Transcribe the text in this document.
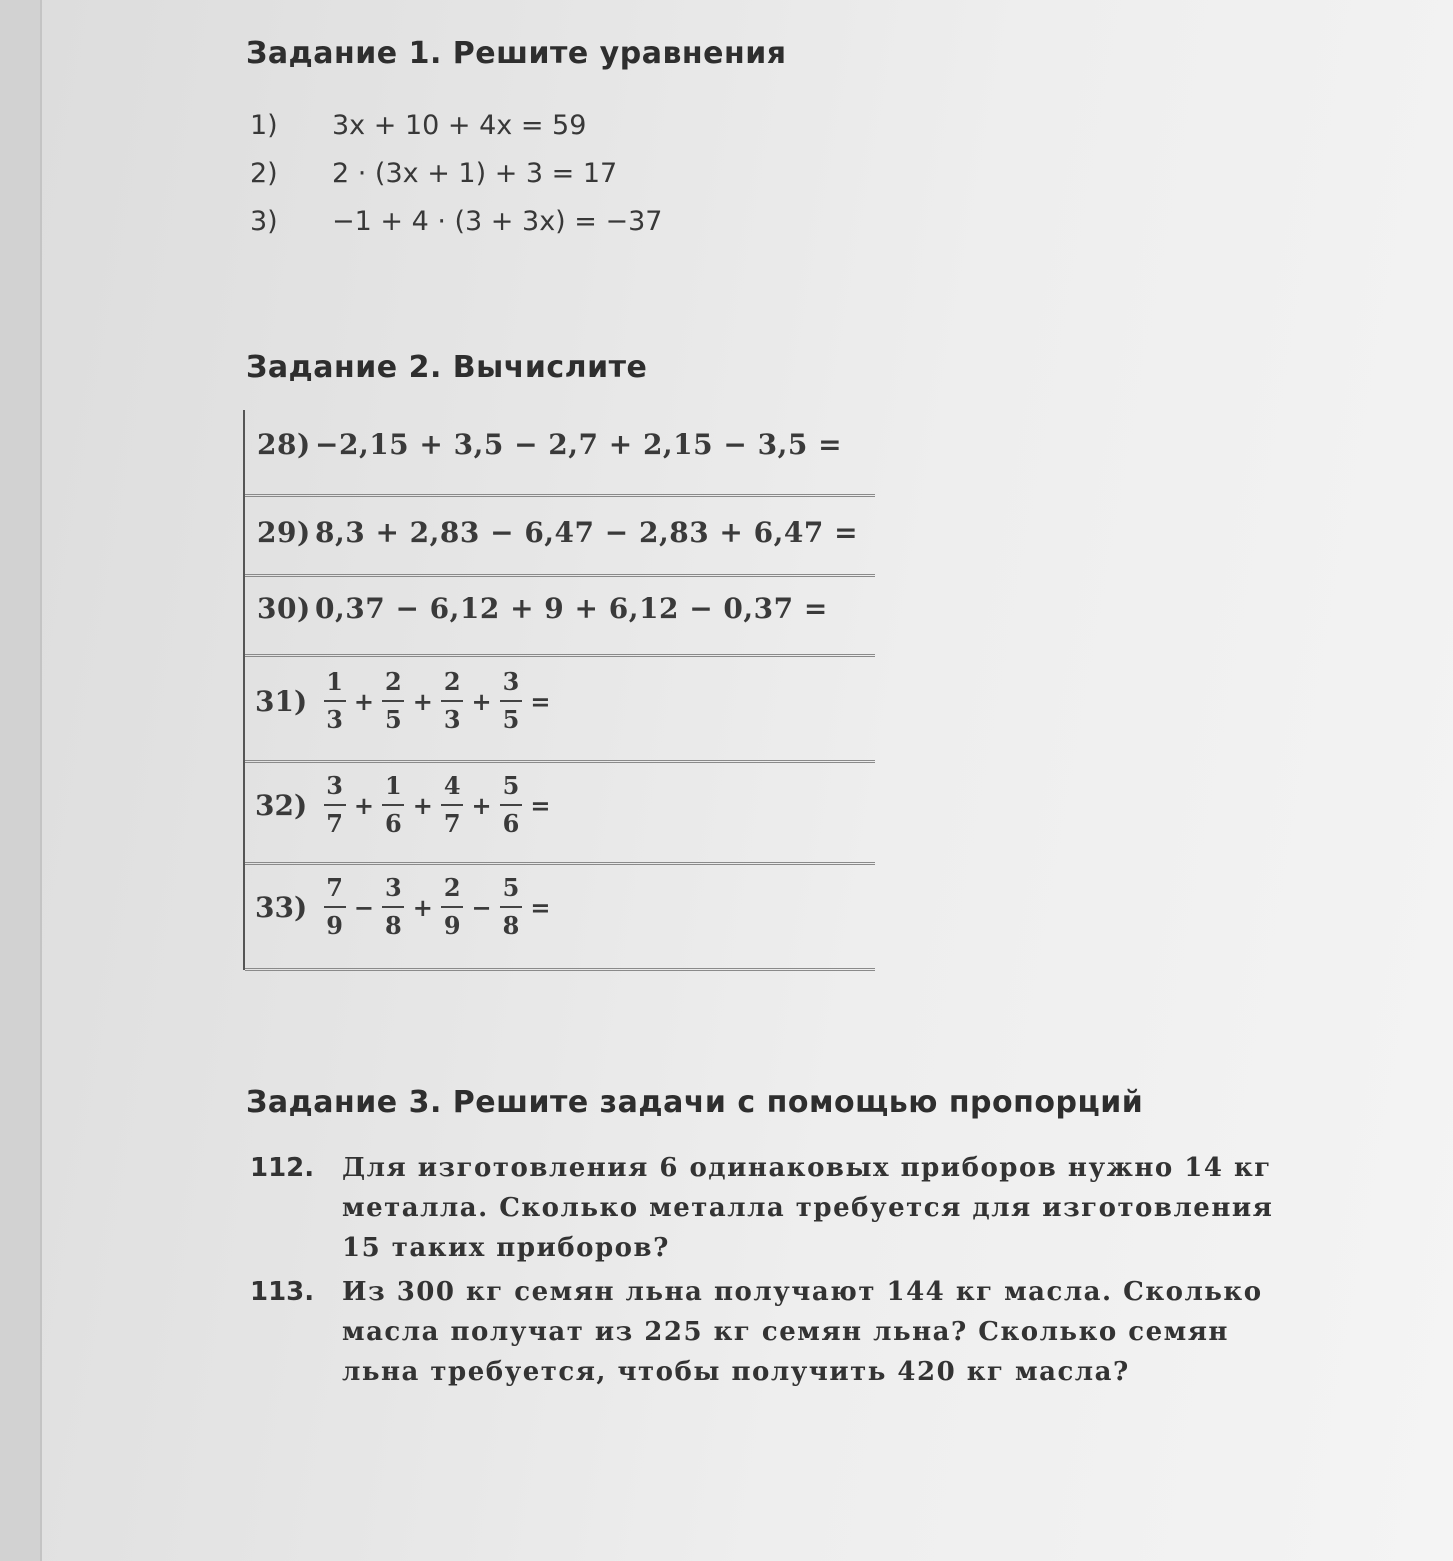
Задание 1. Решите уравнения
1) 3x + 10 + 4x = 59
2) 2 · (3x + 1) + 3 = 17
3) −1 + 4 · (3 + 3x) = −37
Задание 2. Вычислите
28) −2,15 + 3,5 − 2,7 + 2,15 − 3,5 =
29) 8,3 + 2,83 − 6,47 − 2,83 + 6,47 =
30) 0,37 − 6,12 + 9 + 6,12 − 0,37 =
$31) \frac{1}{3} + \frac{2}{5} + \frac{2}{3} + \frac{3}{5}$ =
$32) \frac{3}{7} + \frac{1}{6} + \frac{4}{7} + \frac{5}{6}$ =
$33) \frac{7}{9} - \frac{3}{8} + \frac{2}{9} - \frac{5}{8}$ =
Задание 3. Решите задачи с помощью пропорций
112. Для изготовления 6 одинаковых приборов нужно 14 кг металла. Сколько металла требуется для изготовления 15 таких приборов?
113. Из 300 кг семян льна получают 144 кг масла. Сколько масла получат из 225 кг семян льна? Сколько семян льна требуется, чтобы получить 420 кг масла?
